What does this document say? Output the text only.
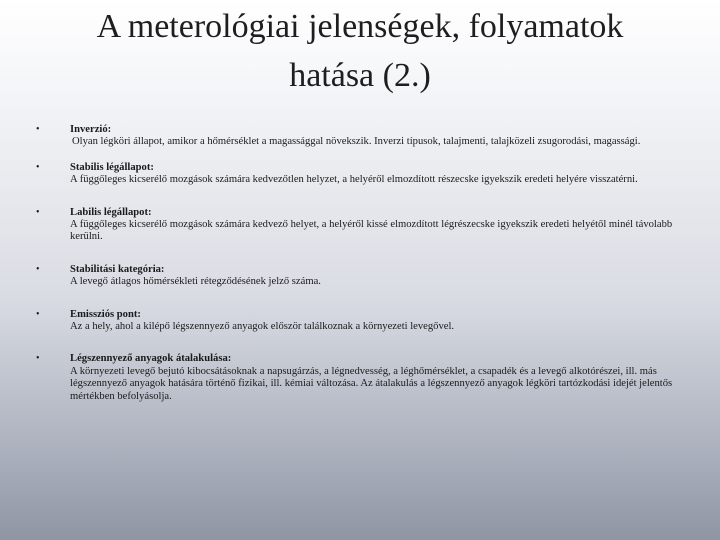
A meterológiai jelenségek, folyamatok
hatása (2.)
•	Inverzió:
Olyan légköri állapot, amikor a hőmérséklet a magassággal növekszik. Inverzi típusok, talajmenti, talajközeli zsugorodási, magassági.
•	Stabilis légállapot:
A függőleges kicserélő mozgások számára kedvezőtlen helyzet, a helyéről elmozdított részecske igyekszik eredeti helyére visszatérni.
•	Labilis légállapot:
A függőleges kicserélő mozgások számára kedvező helyet, a helyéről kissé elmozdított légrészecske igyekszik eredeti helyétől minél távolabb kerülni.
•	Stabilitási kategória:
A levegő átlagos hőmérsékleti rétegződésének jelző száma.
•	Emissziós pont:
Az a hely, ahol a kilépő légszennyező anyagok először találkoznak a környezeti levegővel.
•	Légszennyező anyagok átalakulása:
A környezeti levegő bejutó kibocsátásoknak a napsugárzás, a légnedvesség, a léghőmérséklet, a csapadék és a levegő alkotórészei, ill. más légszennyező anyagok hatására történő fizikai, ill. kémiai változása. Az átalakulás a légszennyező anyagok légköri tartózkodási idejét jelentős mértékben befolyásolja.
